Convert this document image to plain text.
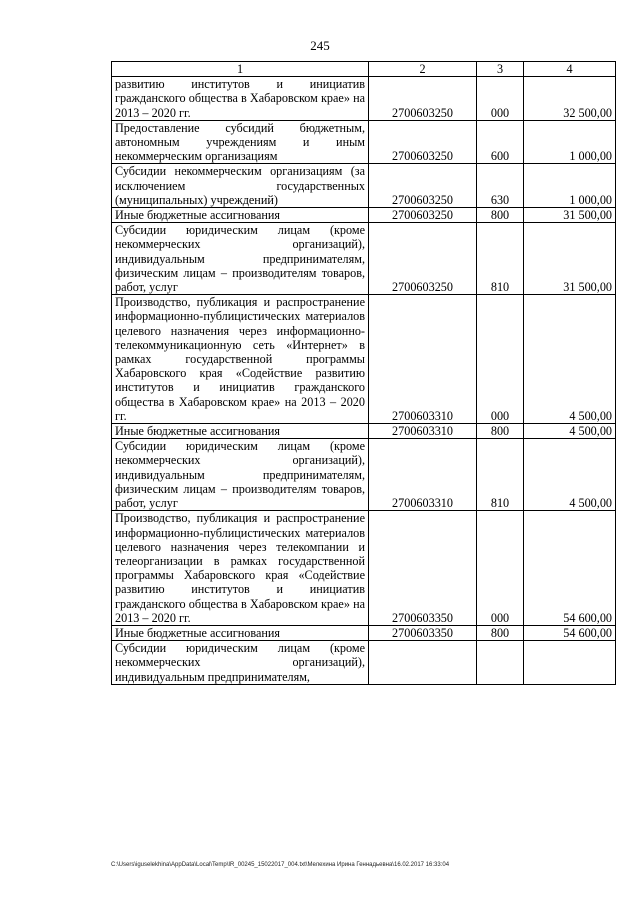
245
1	2	3	4
развитию институтов и инициатив гражданского общества в Хабаровском крае» на 2013 – 2020 гг.	2700603250	000	32 500,00
Предоставление субсидий бюджетным, автономным учреждениям и иным некоммерческим организациям	2700603250	600	1 000,00
Субсидии некоммерческим организациям (за исключением государственных (муниципальных) учреждений)	2700603250	630	1 000,00
Иные бюджетные ассигнования	2700603250	800	31 500,00
Субсидии юридическим лицам (кроме некоммерческих организаций), индивидуальным предпринимателям, физическим лицам – производителям товаров, работ, услуг	2700603250	810	31 500,00
Производство, публикация и распространение информационно-публицистических материалов целевого назначения через информационно-телекоммуникационную сеть «Интернет» в рамках государственной программы Хабаровского края «Содействие развитию институтов и инициатив гражданского общества в Хабаровском крае» на 2013 – 2020 гг.	2700603310	000	4 500,00
Иные бюджетные ассигнования	2700603310	800	4 500,00
Субсидии юридическим лицам (кроме некоммерческих организаций), индивидуальным предпринимателям, физическим лицам – производителям товаров, работ, услуг	2700603310	810	4 500,00
Производство, публикация и распространение информационно-публицистических материалов целевого назначения через телекомпании и телеорганизации в рамках государственной программы Хабаровского края «Содействие развитию институтов и инициатив гражданского общества в Хабаровском крае» на 2013 – 2020 гг.	2700603350	000	54 600,00
Иные бюджетные ассигнования	2700603350	800	54 600,00
Субсидии юридическим лицам (кроме некоммерческих организаций), индивидуальным предпринимателям,			
C:\Users\iguselekhina\AppData\Local\Temp\IR_00245_15022017_004.txt\Мелехина Ирина Геннадьевна\16.02.2017 16:33:04
